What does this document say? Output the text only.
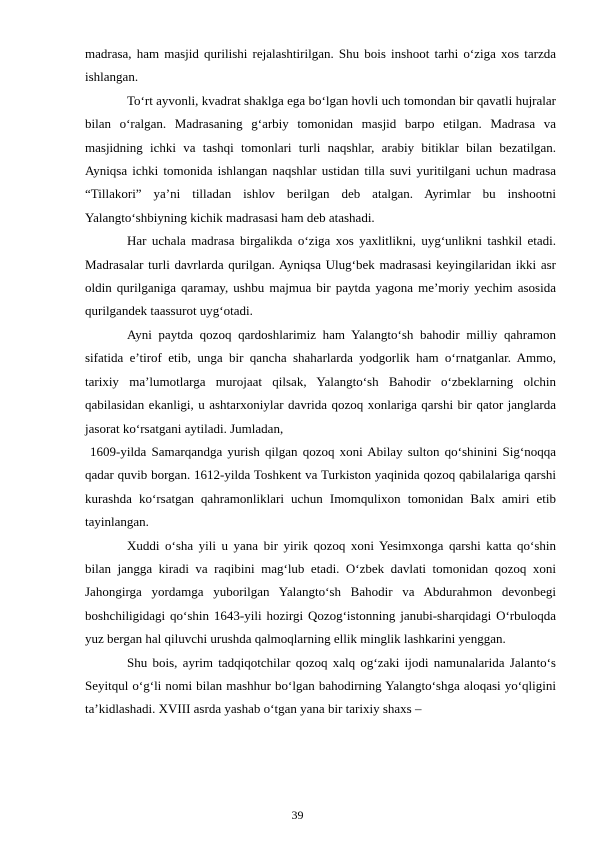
madrasa, ham masjid qurilishi rejalashtirilgan. Shu bois inshoot tarhi o‘ziga xos tarzda ishlangan.

To‘rt ayvonli, kvadrat shaklga ega bo‘lgan hovli uch tomondan bir qavatli hujralar bilan o‘ralgan. Madrasaning g‘arbiy tomonidan masjid barpo etilgan. Madrasa va masjidning ichki va tashqi tomonlari turli naqshlar, arabiy bitiklar bilan bezatilgan. Ayniqsa ichki tomonida ishlangan naqshlar ustidan tilla suvi yuritilgani uchun madrasa “Tillakori” ya’ni tilladan ishlov berilgan deb atalgan. Ayrimlar bu inshootni Yalangto‘shbiyning kichik madrasasi ham deb atashadi.

Har uchala madrasa birgalikda o‘ziga xos yaxlitlikni, uyg‘unlikni tashkil etadi. Madrasalar turli davrlarda qurilgan. Ayniqsa Ulug‘bek madrasasi keyingilaridan ikki asr oldin qurilganiga qaramay, ushbu majmua bir paytda yagona me’moriy yechim asosida qurilgandek taassurot uyg‘otadi.

Ayni paytda qozoq qardoshlarimiz ham Yalangto‘sh bahodir milliy qahramon sifatida e’tirof etib, unga bir qancha shaharlarda yodgorlik ham o‘rnatganlar. Ammo, tarixiy ma’lumotlarga murojaat qilsak, Yalangto‘sh Bahodir o‘zbeklarning olchin qabilasidan ekanligi, u ashtarxoniylar davrida qozoq xonlariga qarshi bir qator janglarda jasorat ko‘rsatgani aytiladi. Jumladan,

1609-yilda Samarqandga yurish qilgan qozoq xoni Abilay sulton qo‘shinini Sig‘noqqa qadar quvib borgan. 1612-yilda Toshkent va Turkiston yaqinida qozoq qabilalariga qarshi kurashda ko‘rsatgan qahramonliklari uchun Imomqulixon tomonidan Balx amiri etib tayinlangan.

Xuddi o‘sha yili u yana bir yirik qozoq xoni Yesimxonga qarshi katta qo‘shin bilan jangga kiradi va raqibini mag‘lub etadi. O‘zbek davlati tomonidan qozoq xoni Jahongirga yordamga yuborilgan Yalangto‘sh Bahodir va Abdurahmon devonbegi boshchiligidagi qo‘shin 1643-yili hozirgi Qozog‘istonning janubi-sharqidagi O‘rbuloqda yuz bergan hal qiluvchi urushda qalmoqlarning ellik minglik lashkarini yenggan.

Shu bois, ayrim tadqiqotchilar qozoq xalq og‘zaki ijodi namunalarida Jalanto‘s Seyitqul o‘g‘li nomi bilan mashhur bo‘lgan bahodirning Yalangto‘shga aloqasi yo‘qligini ta’kidlashadi. XVIII asrda yashab o‘tgan yana bir tarixiy shaxs –

39
